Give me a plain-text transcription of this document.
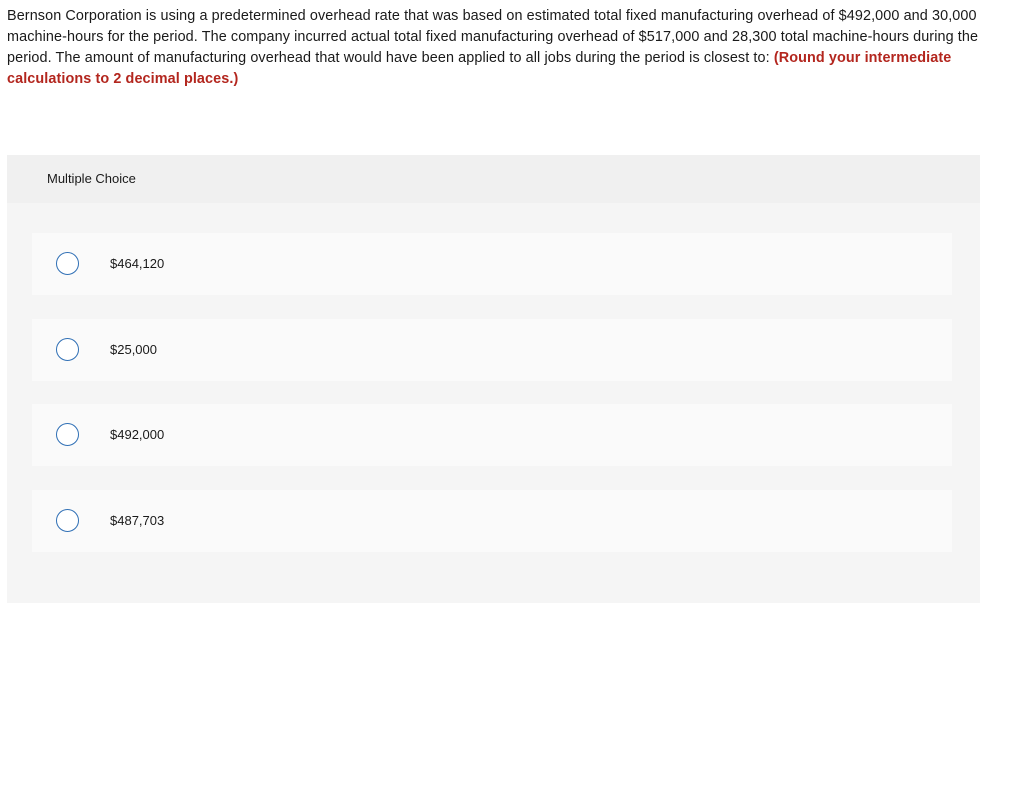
Bernson Corporation is using a predetermined overhead rate that was based on estimated total fixed manufacturing overhead of $492,000 and 30,000 machine-hours for the period. The company incurred actual total fixed manufacturing overhead of $517,000 and 28,300 total machine-hours during the period. The amount of manufacturing overhead that would have been applied to all jobs during the period is closest to: (Round your intermediate calculations to 2 decimal places.)
Multiple Choice
$464,120
$25,000
$492,000
$487,703
